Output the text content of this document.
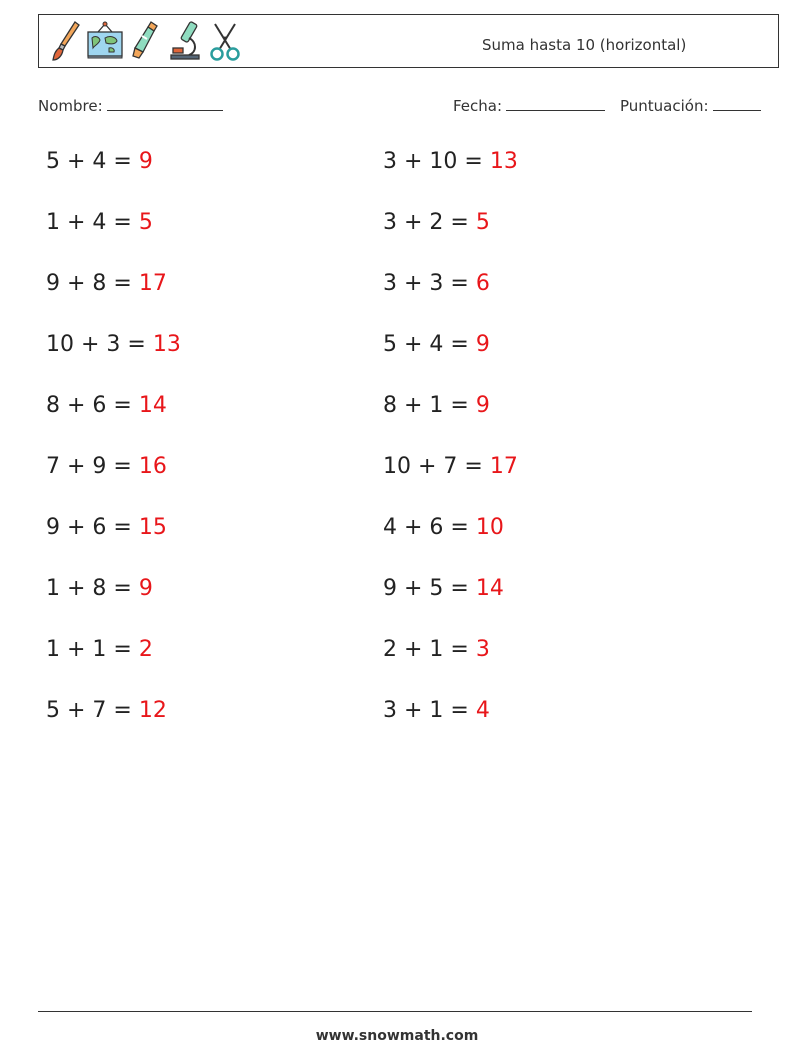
Suma hasta 10 (horizontal)
Nombre:	Fecha:	Puntuación:
5 + 4 = 9
1 + 4 = 5
9 + 8 = 17
10 + 3 = 13
8 + 6 = 14
7 + 9 = 16
9 + 6 = 15
1 + 8 = 9
1 + 1 = 2
5 + 7 = 12
3 + 10 = 13
3 + 2 = 5
3 + 3 = 6
5 + 4 = 9
8 + 1 = 9
10 + 7 = 17
4 + 6 = 10
9 + 5 = 14
2 + 1 = 3
3 + 1 = 4
www.snowmath.com
